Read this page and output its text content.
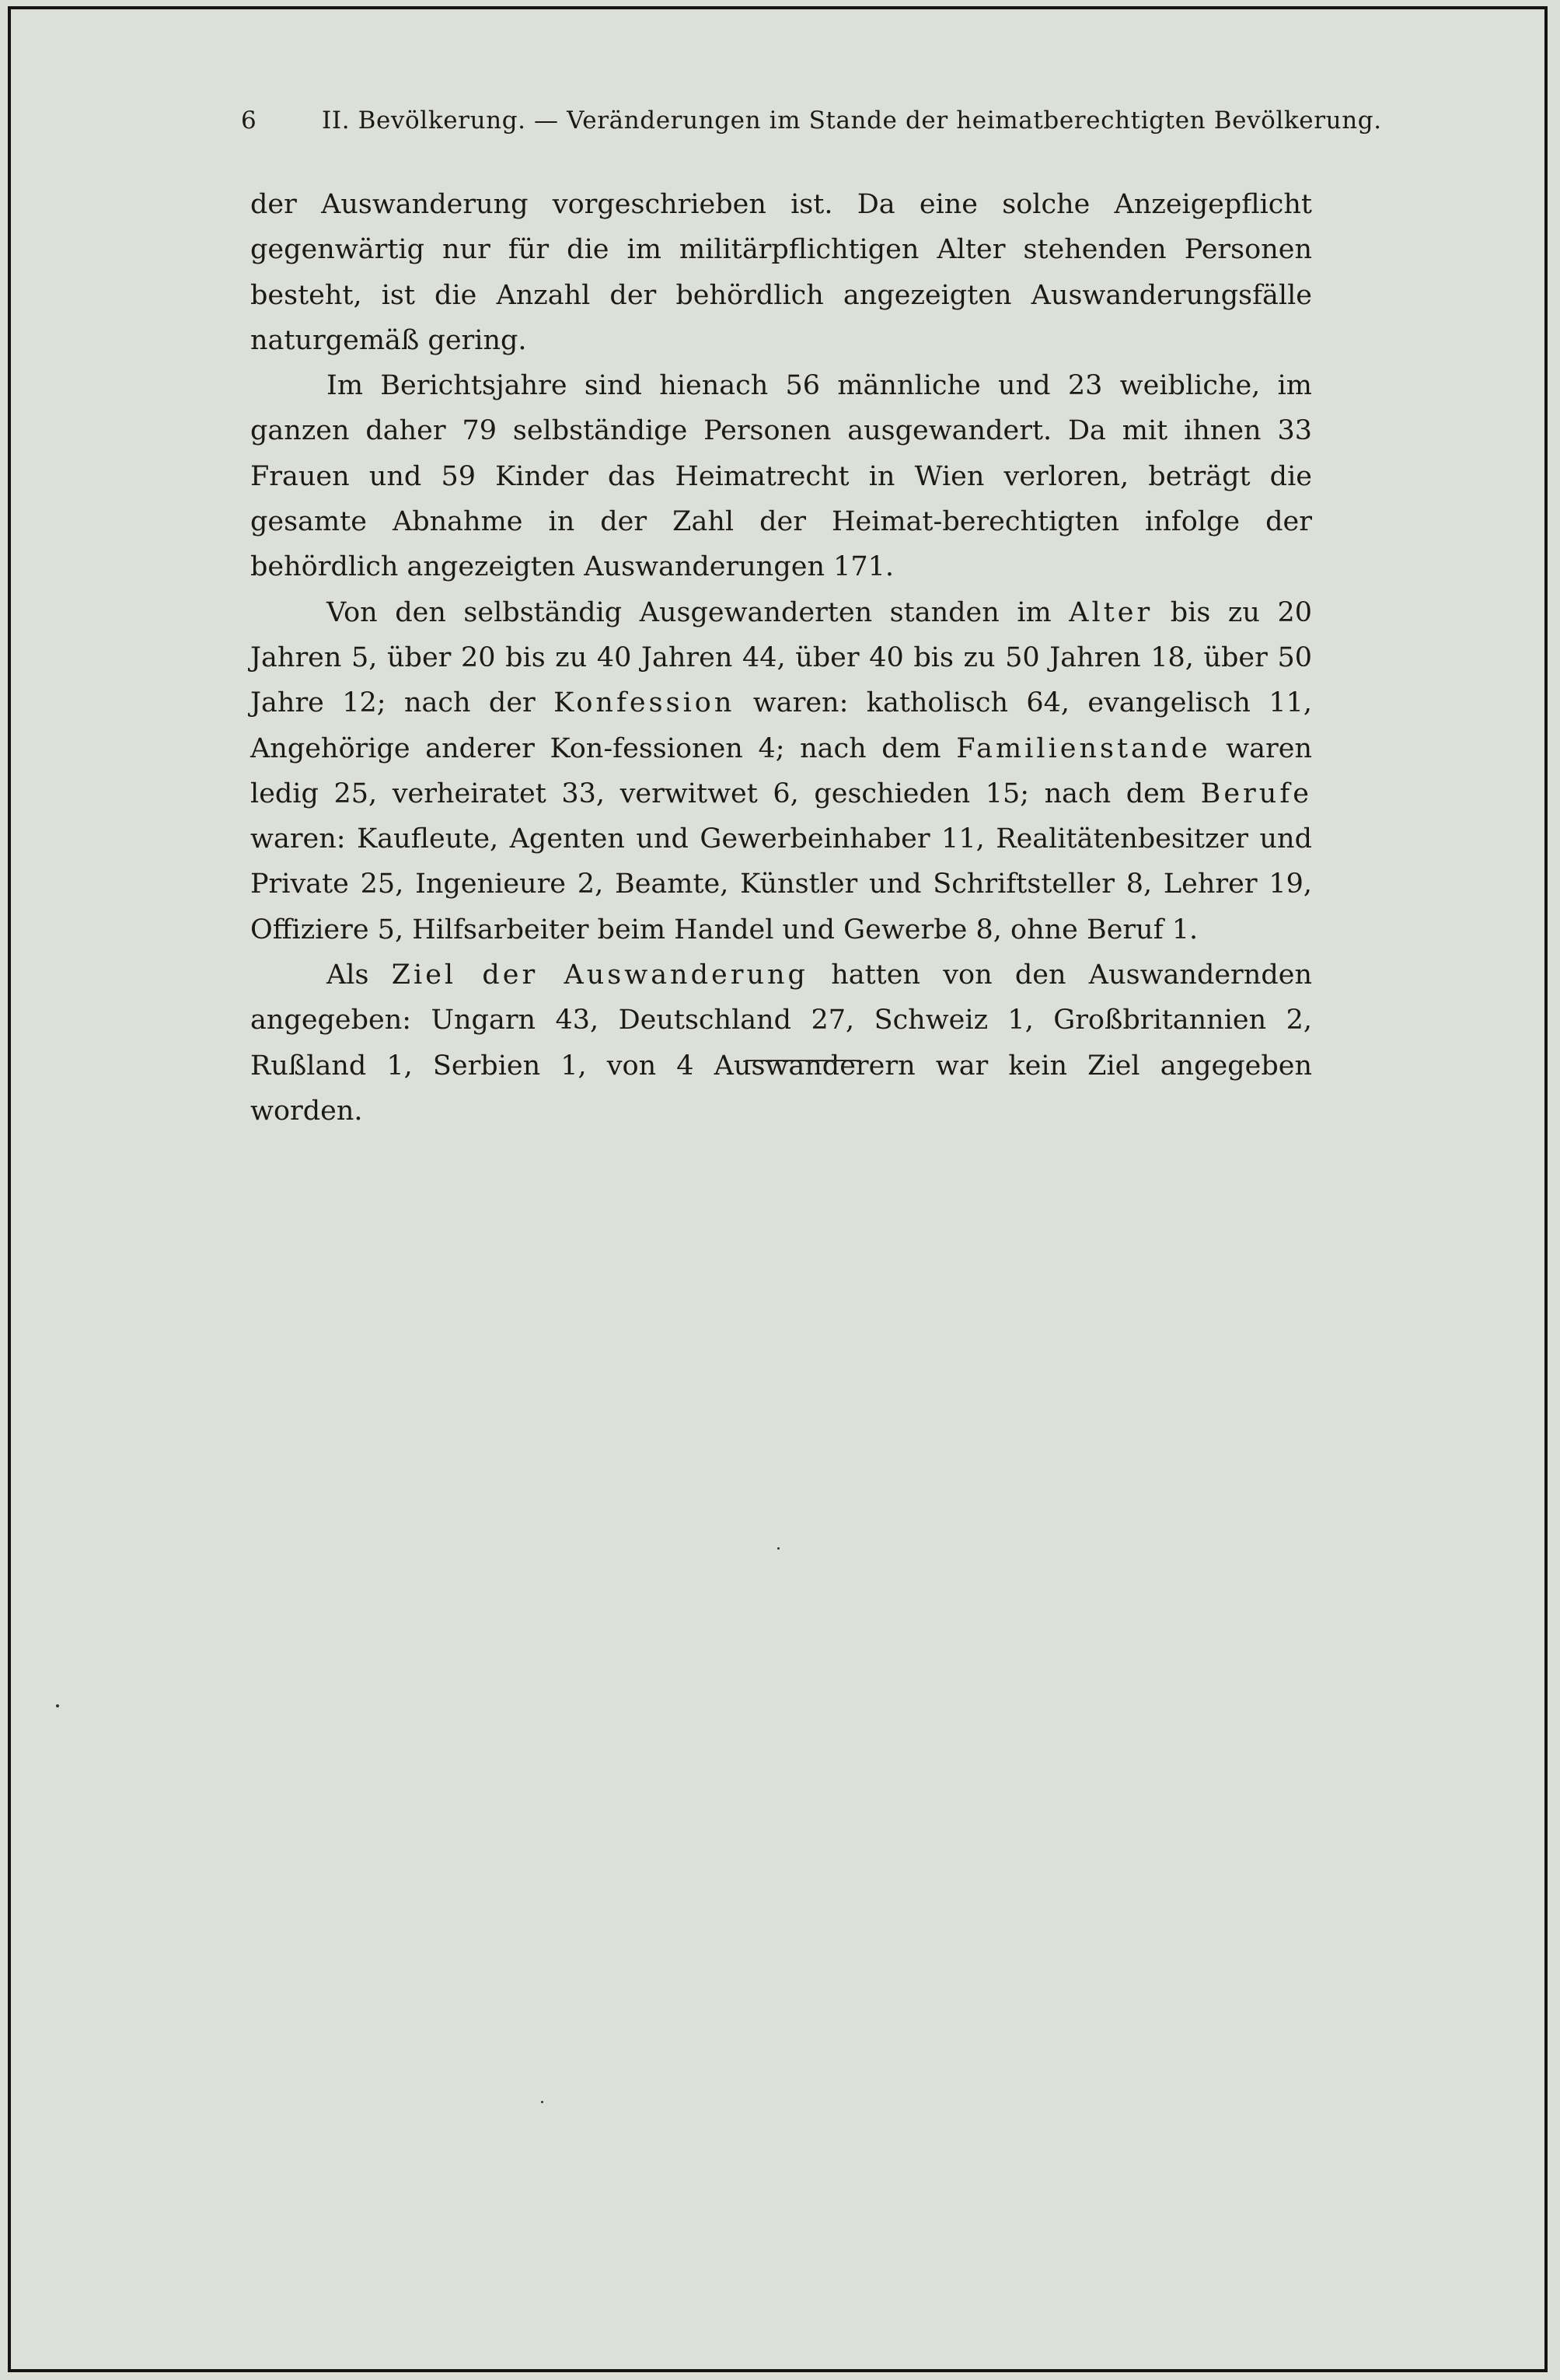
6	II. Bevölkerung. — Veränderungen im Stande der heimatberechtigten Bevölkerung.

der Auswanderung vorgeschrieben ist. Da eine solche Anzeigepflicht gegenwärtig nur für die im militärpflichtigen Alter stehenden Personen besteht, ist die Anzahl der behördlich angezeigten Auswanderungsfälle naturgemäß gering.

Im Berichtsjahre sind hienach 56 männliche und 23 weibliche, im ganzen daher 79 selbständige Personen ausgewandert. Da mit ihnen 33 Frauen und 59 Kinder das Heimatrecht in Wien verloren, beträgt die gesamte Abnahme in der Zahl der Heimat-berechtigten infolge der behördlich angezeigten Auswanderungen 171.

Von den selbständig Ausgewanderten standen im Alter bis zu 20 Jahren 5, über 20 bis zu 40 Jahren 44, über 40 bis zu 50 Jahren 18, über 50 Jahre 12; nach der Konfession waren: katholisch 64, evangelisch 11, Angehörige anderer Kon-fessionen 4; nach dem Familienstande waren ledig 25, verheiratet 33, verwitwet 6, geschieden 15; nach dem Berufe waren: Kaufleute, Agenten und Gewerbeinhaber 11, Realitätenbesitzer und Private 25, Ingenieure 2, Beamte, Künstler und Schriftsteller 8, Lehrer 19, Offiziere 5, Hilfsarbeiter beim Handel und Gewerbe 8, ohne Beruf 1.

Als Ziel der Auswanderung hatten von den Auswandernden angegeben: Ungarn 43, Deutschland 27, Schweiz 1, Großbritannien 2, Rußland 1, Serbien 1, von 4 Auswanderern war kein Ziel angegeben worden.
